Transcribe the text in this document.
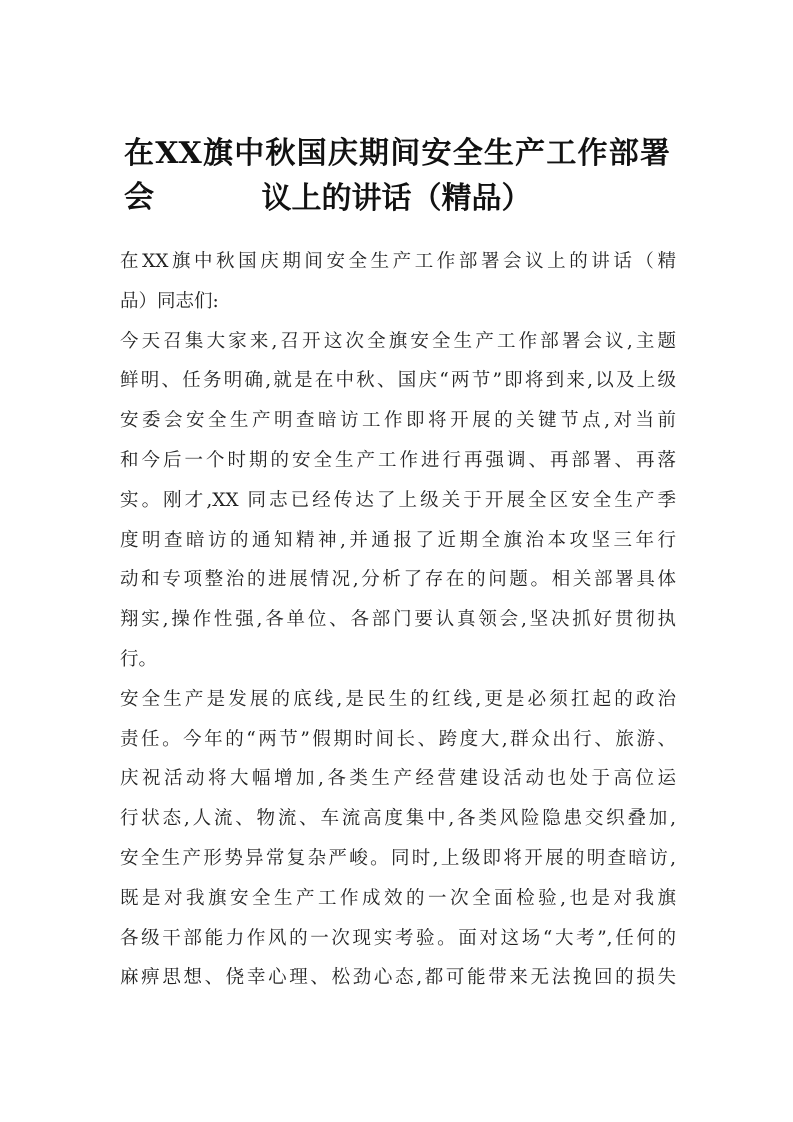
在XX旗中秋国庆期间安全生产工作部署会	议上的讲话（精品）
在XX旗中秋国庆期间安全生产工作部署会议上的讲话（精
品）同志们:
今天召集大家来,召开这次全旗安全生产工作部署会议,主题
鲜明、任务明确,就是在中秋、国庆“两节”即将到来,以及上级
安委会安全生产明查暗访工作即将开展的关键节点,对当前
和今后一个时期的安全生产工作进行再强调、再部署、再落
实。刚才,XX 同志已经传达了上级关于开展全区安全生产季
度明查暗访的通知精神,并通报了近期全旗治本攻坚三年行
动和专项整治的进展情况,分析了存在的问题。相关部署具体
翔实,操作性强,各单位、各部门要认真领会,坚决抓好贯彻执
行。
安全生产是发展的底线,是民生的红线,更是必须扛起的政治
责任。今年的“两节”假期时间长、跨度大,群众出行、旅游、
庆祝活动将大幅增加,各类生产经营建设活动也处于高位运
行状态,人流、物流、车流高度集中,各类风险隐患交织叠加,
安全生产形势异常复杂严峻。同时,上级即将开展的明查暗访,
既是对我旗安全生产工作成效的一次全面检验,也是对我旗
各级干部能力作风的一次现实考验。面对这场“大考”,任何的
麻痹思想、侥幸心理、松劲心态,都可能带来无法挽回的损失
